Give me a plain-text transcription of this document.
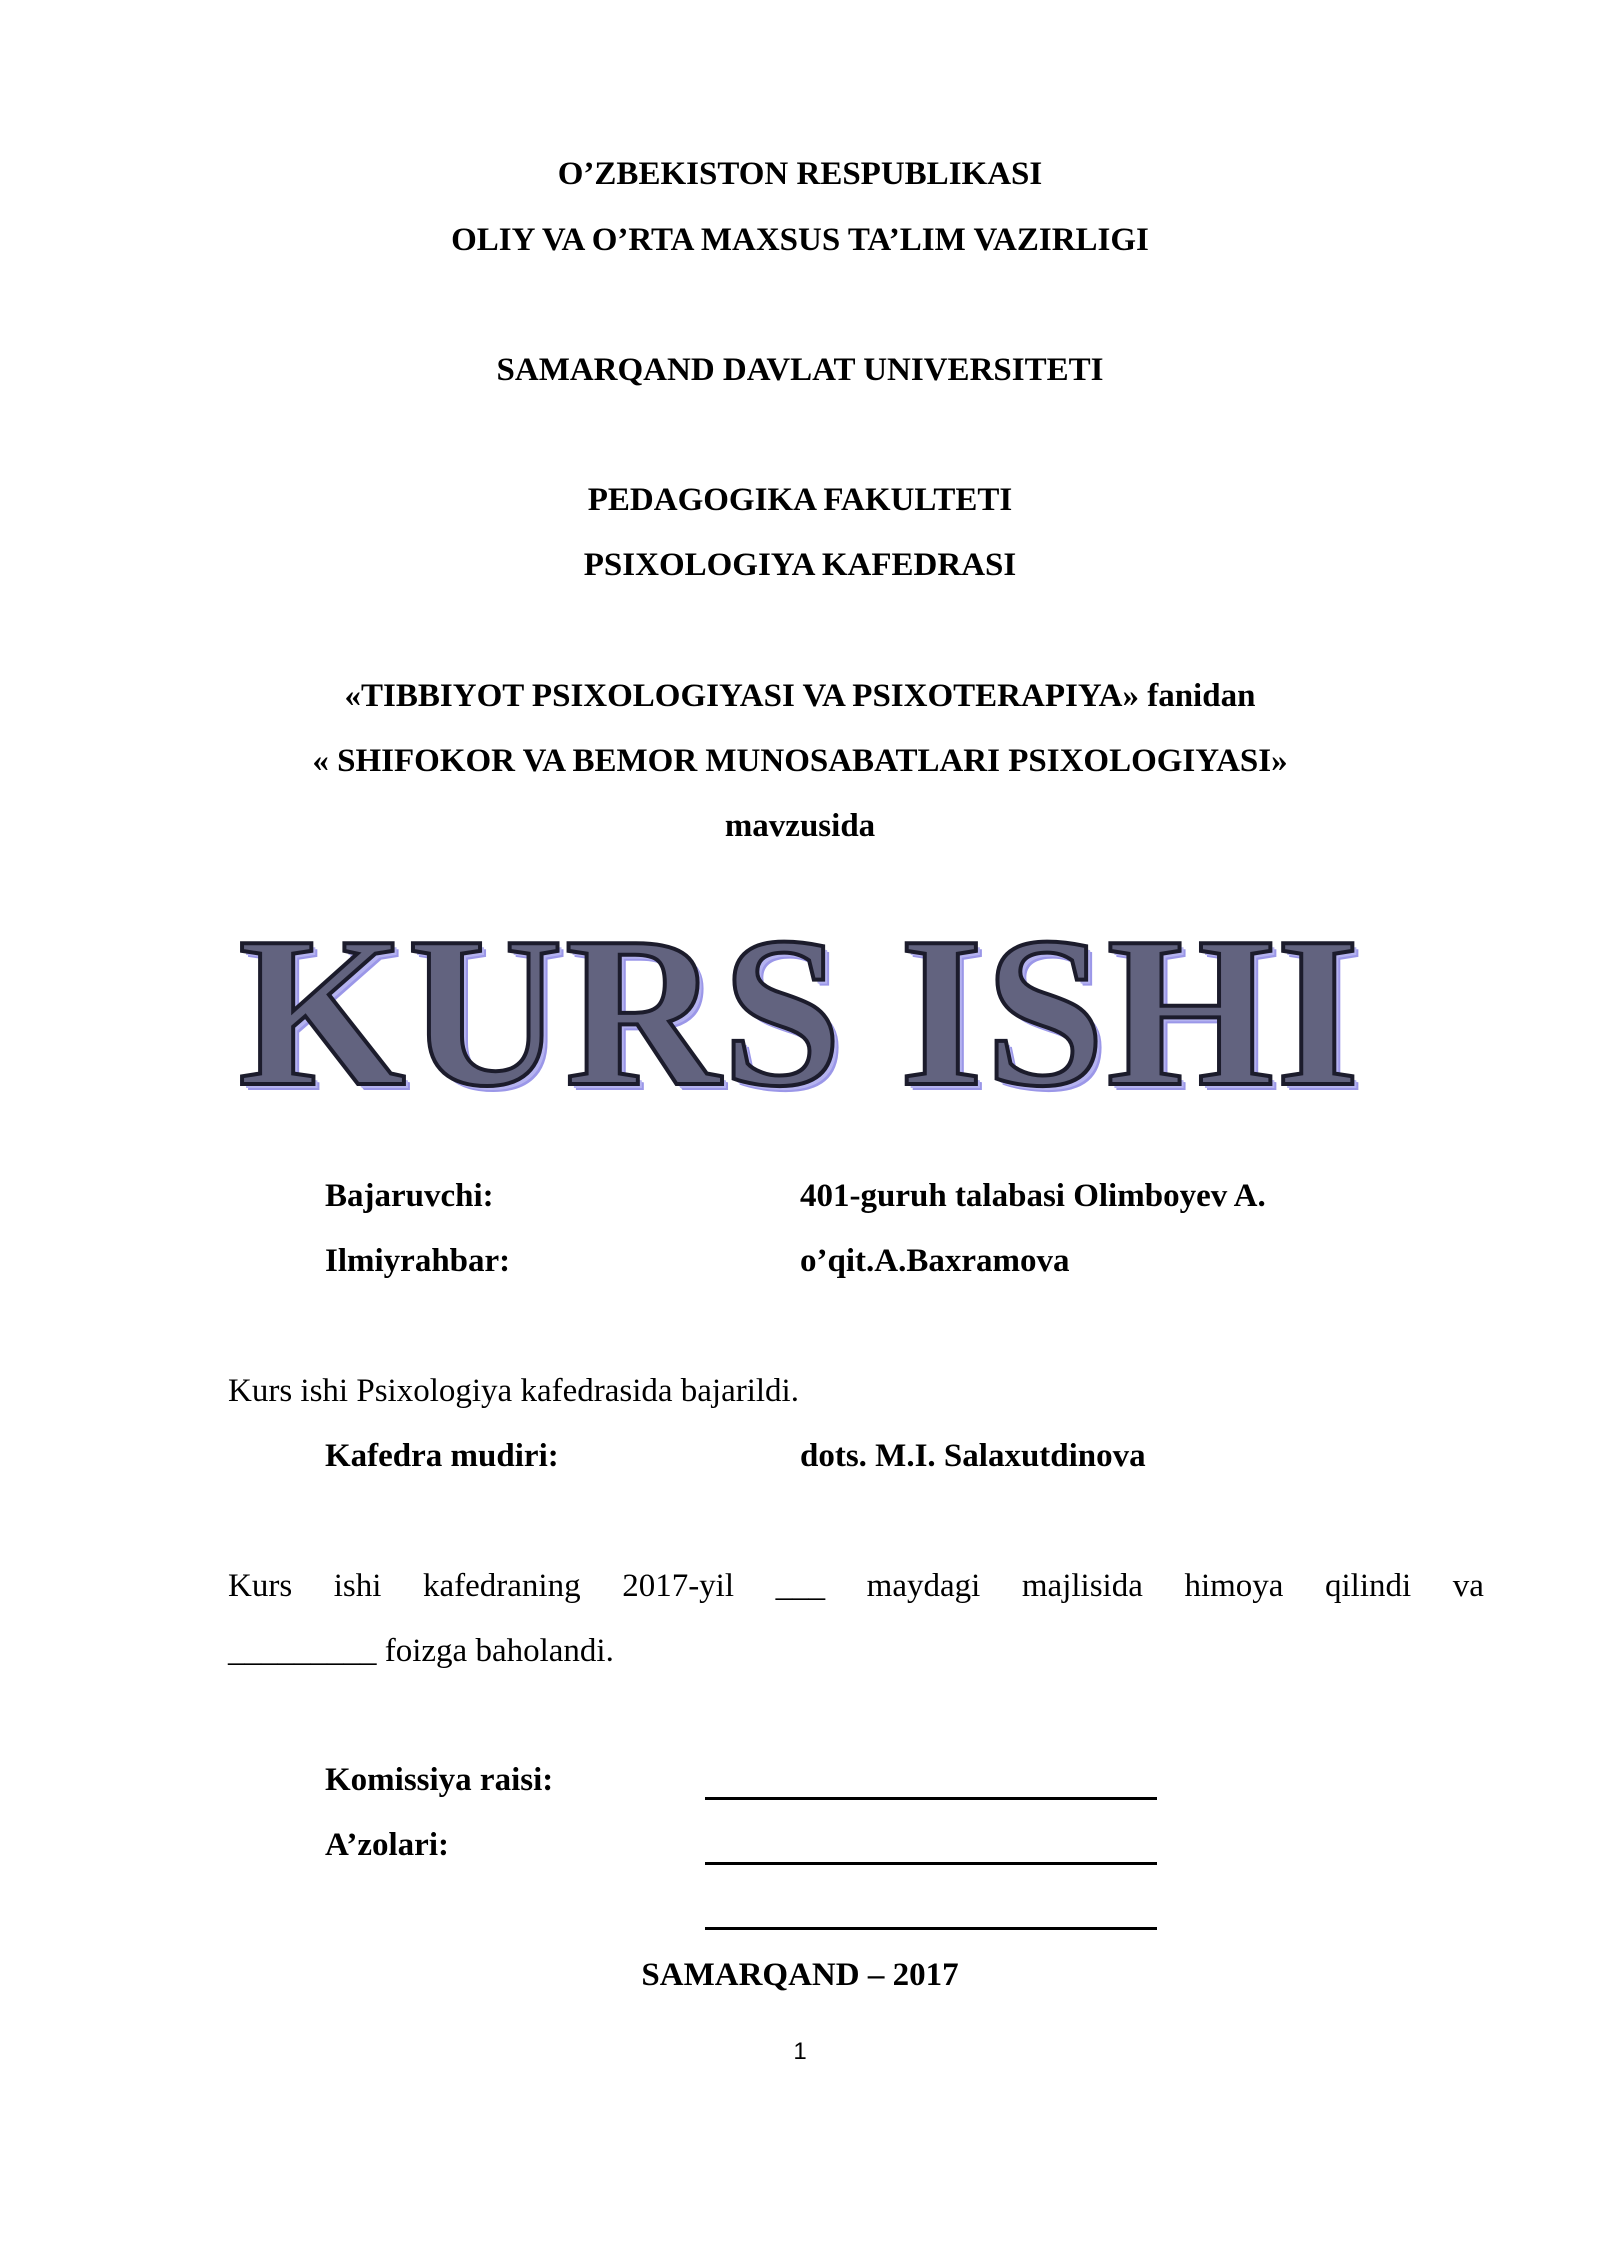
O’ZBEKISTON RESPUBLIKASI
OLIY VA O’RTA MAXSUS TA’LIM VAZIRLIGI
SAMARQAND DAVLAT UNIVERSITETI
PEDAGOGIKA FAKULTETI
PSIXOLOGIYA KAFEDRASI
«TIBBIYOT PSIXOLOGIYASI VA PSIXOTERAPIYA» fanidan
« SHIFOKOR VA BEMOR MUNOSABATLARI PSIXOLOGIYASI»
mavzusida
KURS ISHI
Bajaruvchi:	401-guruh talabasi Olimboyev A.
Ilmiyrahbar:	o’qit.A.Baxramova
Kurs ishi Psixologiya kafedrasida bajarildi.
Kafedra mudiri:	dots. M.I. Salaxutdinova
Kurs ishi kafedraning 2017-yil ___ maydagi majlisida himoya qilindi va
_________ foizga baholandi.
Komissiya raisi:
A’zolari:
SAMARQAND – 2017
1
